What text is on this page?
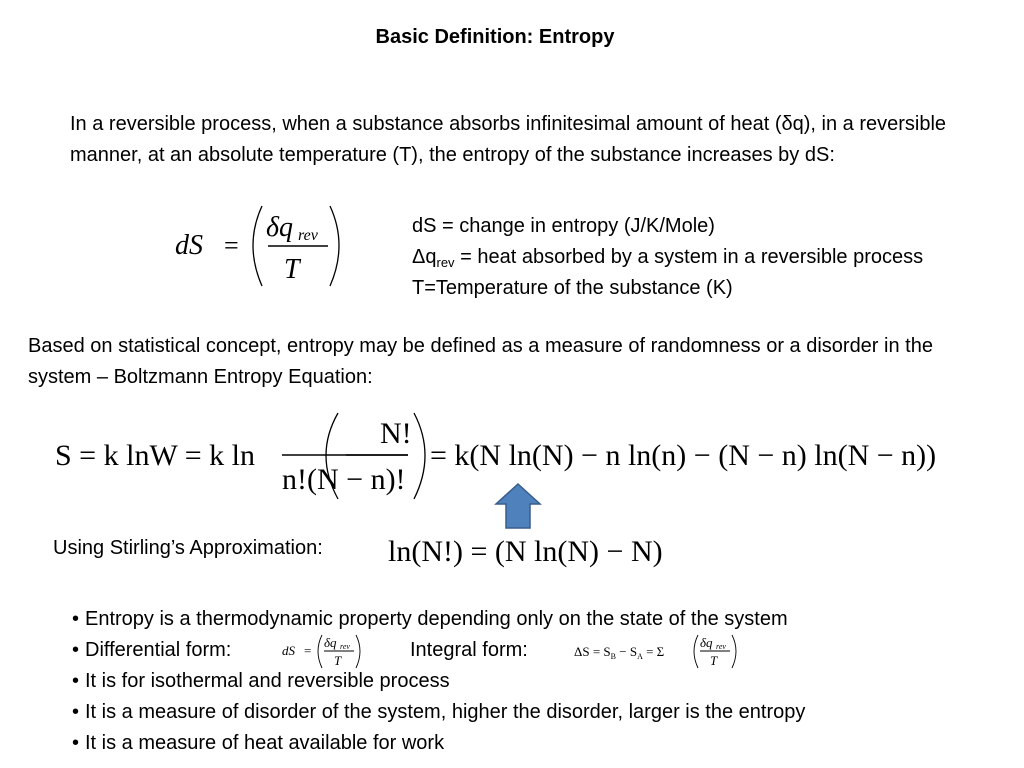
Basic Definition: Entropy
In a reversible process, when a substance absorbs infinitesimal amount of heat (δq), in a reversible manner, at an absolute temperature (T), the entropy of the substance increases by dS:
dS =
δq rev
T
dS = change in entropy (J/K/Mole)
$\Delta q_{rev}$ = heat absorbed by a system in a reversible process
T=Temperature of the substance (K)
Based on statistical concept, entropy may be defined as a measure of randomness or a disorder in the system – Boltzmann Entropy Equation:
S = k lnW = k ln
N!
n!(N − n)!
= k(N ln(N) − n ln(n) − (N − n) ln(N − n))
Using Stirling’s Approximation: ln(N!) = (N ln(N) − N)
• Entropy is a thermodynamic property depending only on the state of the system
• Differential form:	dS =
δq rev
T	Integral form:	$\Delta S = S_B - S_A = \Sigma$
δq rev
T
• It is for isothermal and reversible process
• It is a measure of disorder of the system, higher the disorder, larger is the entropy
• It is a measure of heat available for work
